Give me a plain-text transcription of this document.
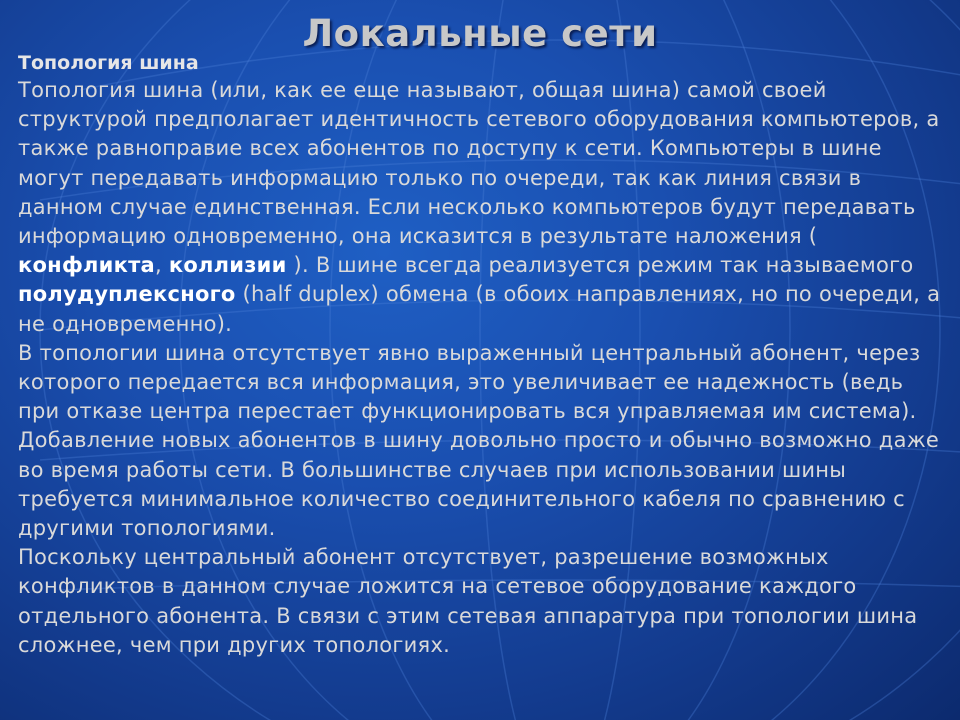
Локальные сети

Топология шина

Топология шина (или, как ее еще называют, общая шина) самой своей структурой предполагает идентичность сетевого оборудования компьютеров, а также равноправие всех абонентов по доступу к сети. Компьютеры в шине могут передавать информацию только по очереди, так как линия связи в данном случае единственная. Если несколько компьютеров будут передавать информацию одновременно, она исказится в результате наложения ( конфликта, коллизии ). В шине всегда реализуется режим так называемого полудуплексного (half duplex) обмена (в обоих направлениях, но по очереди, а не одновременно).

В топологии шина отсутствует явно выраженный центральный абонент, через которого передается вся информация, это увеличивает ее надежность (ведь при отказе центра перестает функционировать вся управляемая им система). Добавление новых абонентов в шину довольно просто и обычно возможно даже во время работы сети. В большинстве случаев при использовании шины требуется минимальное количество соединительного кабеля по сравнению с другими топологиями.

Поскольку центральный абонент отсутствует, разрешение возможных конфликтов в данном случае ложится на сетевое оборудование каждого отдельного абонента. В связи с этим сетевая аппаратура при топологии шина сложнее, чем при других топологиях.
